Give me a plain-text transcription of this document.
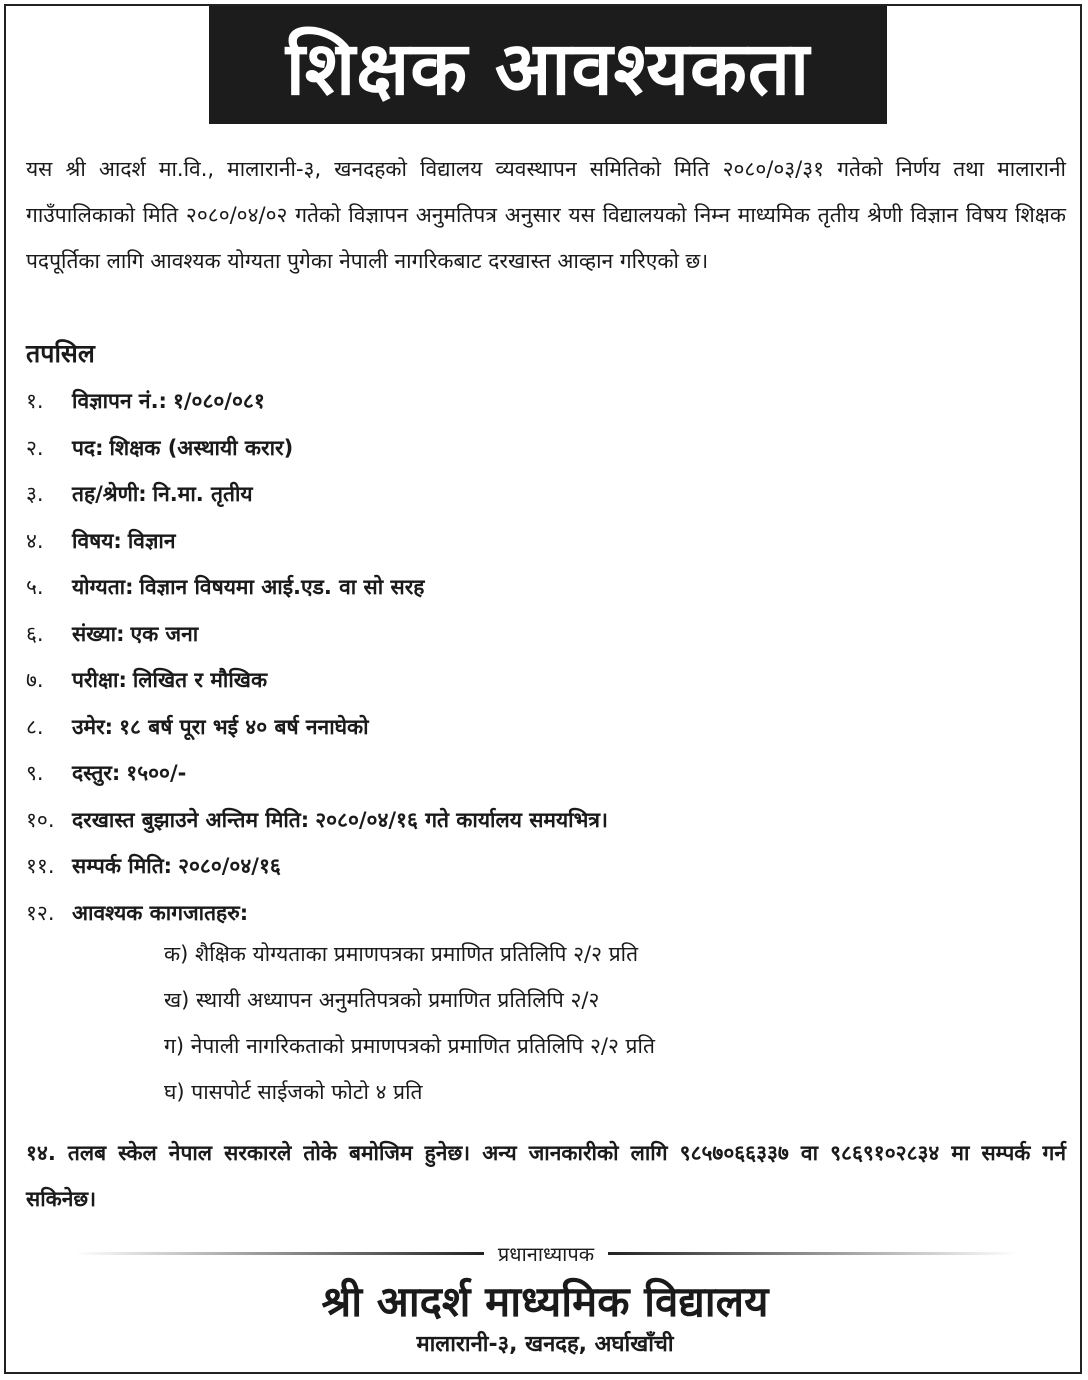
शिक्षक आवश्यकता
यस श्री आदर्श मा.वि., मालारानी-३, खनदहको विद्यालय व्यवस्थापन समितिको मिति २०८०/०३/३१ गतेको निर्णय तथा मालारानी गाउँपालिकाको मिति २०८०/०४/०२ गतेको विज्ञापन अनुमतिपत्र अनुसार यस विद्यालयको निम्न माध्यमिक तृतीय श्रेणी विज्ञान विषय शिक्षक पदपूर्तिका लागि आवश्यक योग्यता पुगेका नेपाली नागरिकबाट दरखास्त आव्हान गरिएको छ।
तपसिल
१.	विज्ञापन नं.: १/०८०/०८१
२.	पद: शिक्षक (अस्थायी करार)
३.	तह/श्रेणी: नि.मा. तृतीय
४.	विषय: विज्ञान
५.	योग्यता: विज्ञान विषयमा आई.एड. वा सो सरह
६.	संख्या: एक जना
७.	परीक्षा: लिखित र मौखिक
८.	उमेर: १८ बर्ष पूरा भई ४० बर्ष ननाघेको
९.	दस्तुर: १५००/-
१०. दरखास्त बुझाउने अन्तिम मिति: २०८०/०४/१६ गते कार्यालय समयभित्र।
११. सम्पर्क मिति: २०८०/०४/१६
१२. आवश्यक कागजातहरु:
क) शैक्षिक योग्यताका प्रमाणपत्रका प्रमाणित प्रतिलिपि २/२ प्रति
ख) स्थायी अध्यापन अनुमतिपत्रको प्रमाणित प्रतिलिपि २/२
ग) नेपाली नागरिकताको प्रमाणपत्रको प्रमाणित प्रतिलिपि २/२ प्रति
घ) पासपोर्ट साईजको फोटो ४ प्रति
१४. तलब स्केल नेपाल सरकारले तोके बमोजिम हुनेछ। अन्य जानकारीको लागि ९८५७०६६३३७ वा ९८६९१०२८३४ मा सम्पर्क गर्न सकिनेछ।
प्रधानाध्यापक
श्री आदर्श माध्यमिक विद्यालय
मालारानी-३, खनदह, अर्घाखाँची
